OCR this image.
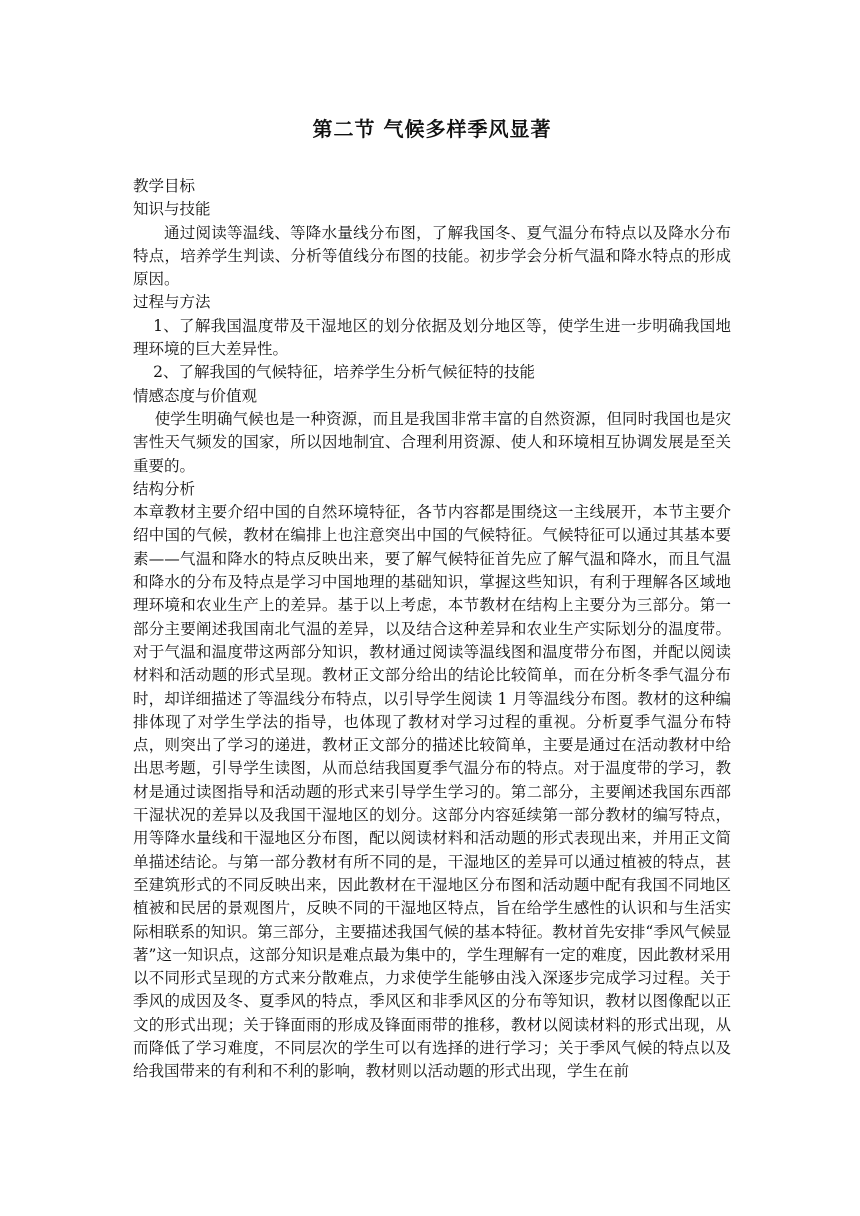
第二节 气候多样季风显著

教学目标

知识与技能

通过阅读等温线、等降水量线分布图，了解我国冬、夏气温分布特点以及降水分布特点，培养学生判读、分析等值线分布图的技能。初步学会分析气温和降水特点的形成原因。

过程与方法

1、了解我国温度带及干湿地区的划分依据及划分地区等，使学生进一步明确我国地理环境的巨大差异性。

2、了解我国的气候特征，培养学生分析气候征特的技能

情感态度与价值观

使学生明确气候也是一种资源，而且是我国非常丰富的自然资源，但同时我国也是灾害性天气频发的国家，所以因地制宜、合理利用资源、使人和环境相互协调发展是至关重要的。

结构分析

本章教材主要介绍中国的自然环境特征，各节内容都是围绕这一主线展开，本节主要介绍中国的气候，教材在编排上也注意突出中国的气候特征。气候特征可以通过其基本要素——气温和降水的特点反映出来，要了解气候特征首先应了解气温和降水，而且气温和降水的分布及特点是学习中国地理的基础知识，掌握这些知识，有利于理解各区域地理环境和农业生产上的差异。基于以上考虑，本节教材在结构上主要分为三部分。第一部分主要阐述我国南北气温的差异，以及结合这种差异和农业生产实际划分的温度带。对于气温和温度带这两部分知识，教材通过阅读等温线图和温度带分布图，并配以阅读材料和活动题的形式呈现。教材正文部分给出的结论比较简单，而在分析冬季气温分布时，却详细描述了等温线分布特点，以引导学生阅读 1 月等温线分布图。教材的这种编排体现了对学生学法的指导，也体现了教材对学习过程的重视。分析夏季气温分布特点，则突出了学习的递进，教材正文部分的描述比较简单，主要是通过在活动教材中给出思考题，引导学生读图，从而总结我国夏季气温分布的特点。对于温度带的学习，教材是通过读图指导和活动题的形式来引导学生学习的。第二部分，主要阐述我国东西部干湿状况的差异以及我国干湿地区的划分。这部分内容延续第一部分教材的编写特点，用等降水量线和干湿地区分布图，配以阅读材料和活动题的形式表现出来，并用正文简单描述结论。与第一部分教材有所不同的是，干湿地区的差异可以通过植被的特点，甚至建筑形式的不同反映出来，因此教材在干湿地区分布图和活动题中配有我国不同地区植被和民居的景观图片，反映不同的干湿地区特点，旨在给学生感性的认识和与生活实际相联系的知识。第三部分，主要描述我国气候的基本特征。教材首先安排“季风气候显著”这一知识点，这部分知识是难点最为集中的，学生理解有一定的难度，因此教材采用以不同形式呈现的方式来分散难点，力求使学生能够由浅入深逐步完成学习过程。关于季风的成因及冬、夏季风的特点，季风区和非季风区的分布等知识，教材以图像配以正文的形式出现；关于锋面雨的形成及锋面雨带的推移，教材以阅读材料的形式出现，从而降低了学习难度，不同层次的学生可以有选择的进行学习；关于季风气候的特点以及给我国带来的有利和不利的影响，教材则以活动题的形式出现，学生在前
